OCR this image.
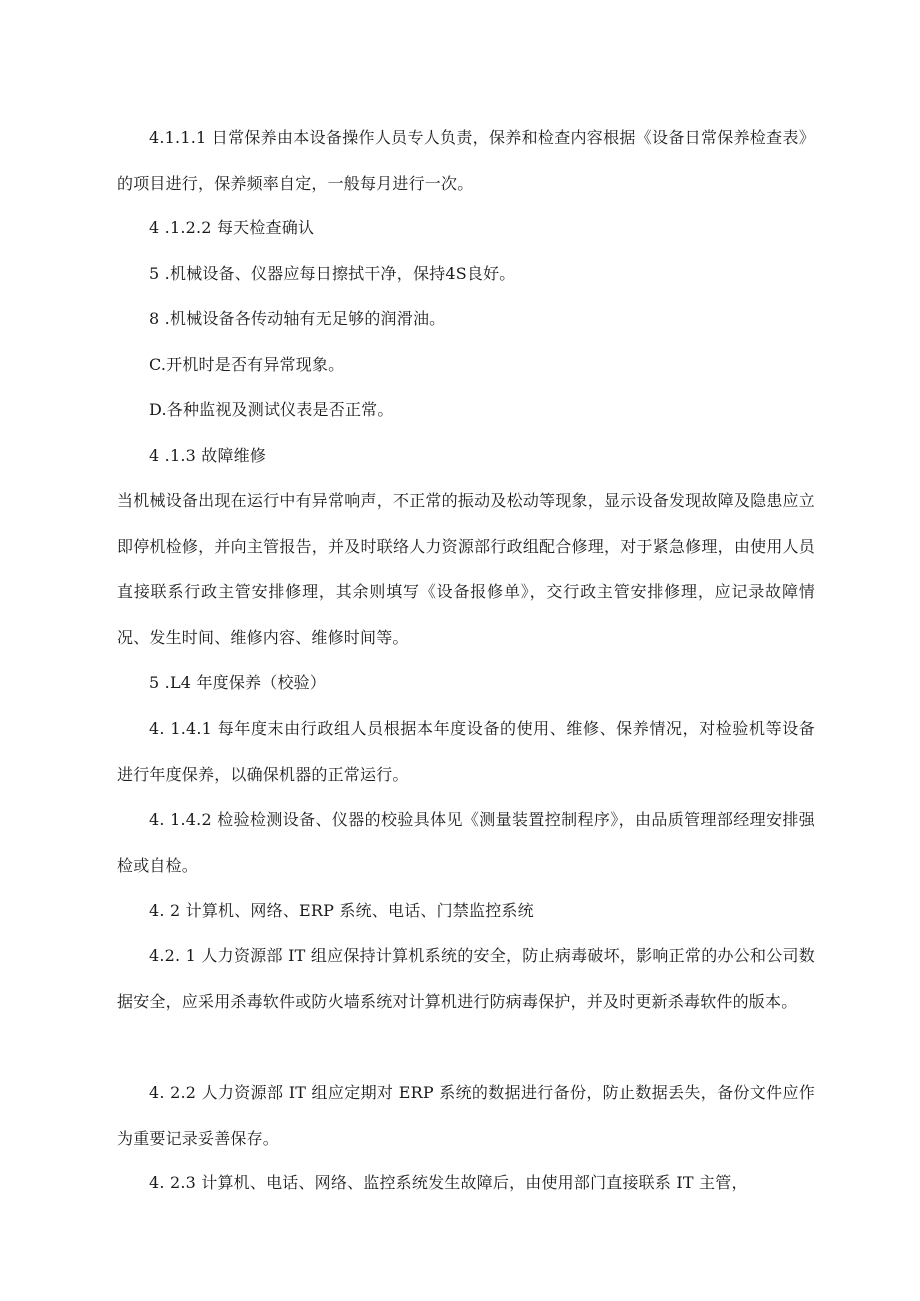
4.1.1.1 日常保养由本设备操作人员专人负责，保养和检查内容根据《设备日常保养检查表》的项目进行，保养频率自定，一般每月进行一次。

4 .1.2.2 每天检查确认

5 .机械设备、仪器应每日擦拭干净，保持4S良好。

8 .机械设备各传动轴有无足够的润滑油。

C.开机时是否有异常现象。

D.各种监视及测试仪表是否正常。

4 .1.3 故障维修

当机械设备出现在运行中有异常响声，不正常的振动及松动等现象，显示设备发现故障及隐患应立即停机检修，并向主管报告，并及时联络人力资源部行政组配合修理，对于紧急修理，由使用人员直接联系行政主管安排修理，其余则填写《设备报修单》，交行政主管安排修理，应记录故障情况、发生时间、维修内容、维修时间等。

5 .L4 年度保养（校验）

4. 1.4.1 每年度末由行政组人员根据本年度设备的使用、维修、保养情况，对检验机等设备进行年度保养，以确保机器的正常运行。

4. 1.4.2 检验检测设备、仪器的校验具体见《测量装置控制程序》，由品质管理部经理安排强检或自检。

4. 2 计算机、网络、ERP 系统、电话、门禁监控系统

4.2. 1 人力资源部 IT 组应保持计算机系统的安全，防止病毒破坏，影响正常的办公和公司数据安全，应采用杀毒软件或防火墙系统对计算机进行防病毒保护，并及时更新杀毒软件的版本。

4. 2.2 人力资源部 IT 组应定期对 ERP 系统的数据进行备份，防止数据丢失，备份文件应作为重要记录妥善保存。

4. 2.3 计算机、电话、网络、监控系统发生故障后，由使用部门直接联系 IT 主管，
